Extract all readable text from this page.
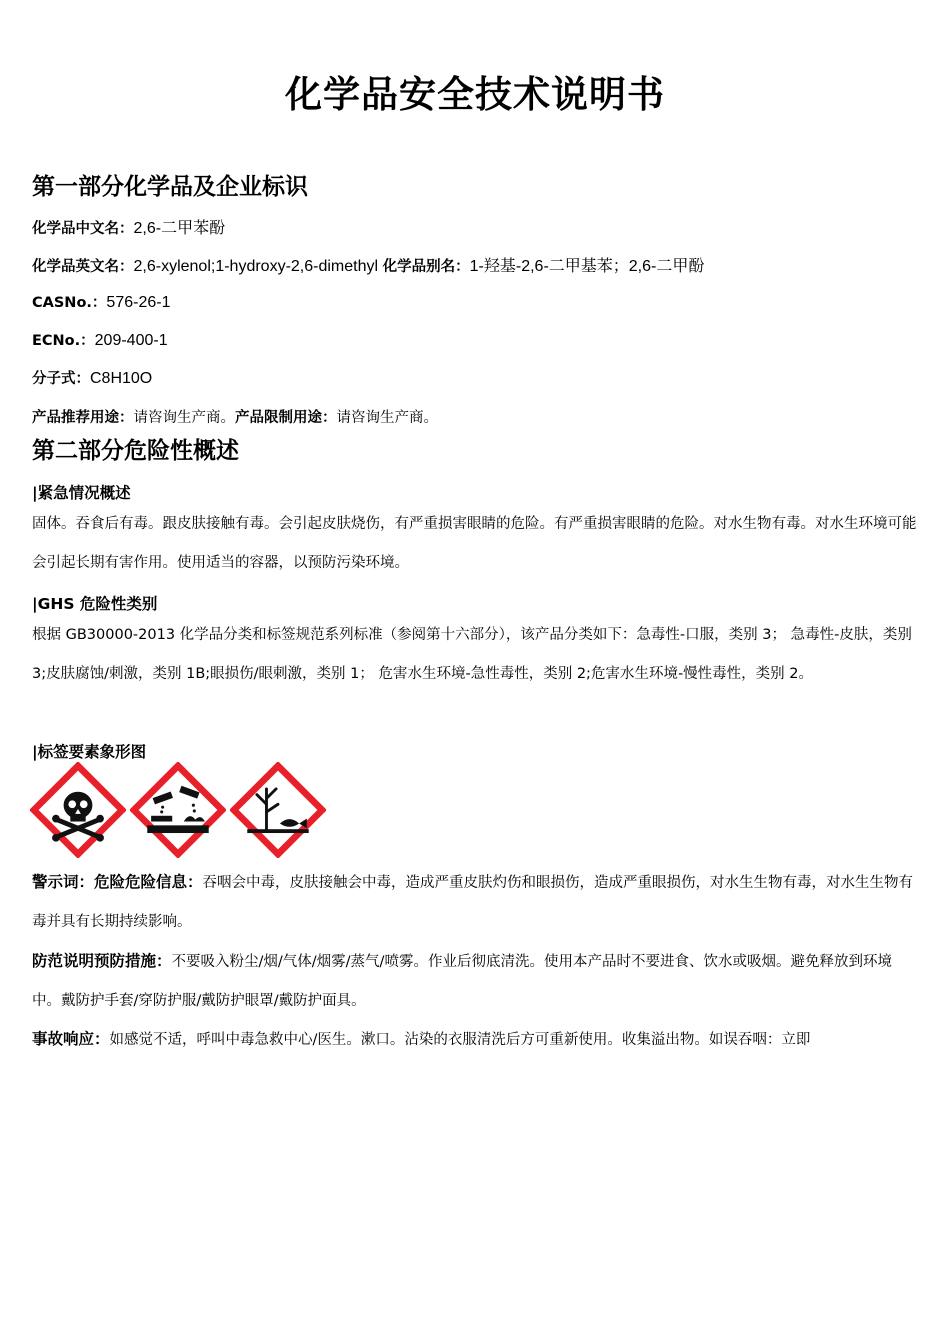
化学品安全技术说明书
第一部分化学品及企业标识
化学品中文名：2,6-二甲苯酚
化学品英文名：2,6-xylenol;1-hydroxy-2,6-dimethyl 化学品别名：1-羟基-2,6-二甲基苯；2,6-二甲酚
CASNo.：576-26-1
ECNo.：209-400-1
分子式：C8H10O
产品推荐用途：请咨询生产商。产品限制用途：请咨询生产商。
第二部分危险性概述
|紧急情况概述
固体。吞食后有毒。跟皮肤接触有毒。会引起皮肤烧伤，有严重损害眼睛的危险。有严重损害眼睛的危险。对水生物有毒。对水生环境可能会引起长期有害作用。使用适当的容器，以预防污染环境。
|GHS 危险性类别
根据 GB30000-2013 化学品分类和标签规范系列标准（参阅第十六部分），该产品分类如下：急毒性-口服，类别 3； 急毒性-皮肤，类别 3;皮肤腐蚀/刺激，类别 1B;眼损伤/眼刺激，类别 1； 危害水生环境-急性毒性，类别 2;危害水生环境-慢性毒性，类别 2。
|标签要素象形图
警示词：危险危险信息：吞咽会中毒，皮肤接触会中毒，造成严重皮肤灼伤和眼损伤，造成严重眼损伤，对水生生物有毒，对水生生物有毒并具有长期持续影响。
防范说明预防措施：不要吸入粉尘/烟/气体/烟雾/蒸气/喷雾。作业后彻底清洗。使用本产品时不要进食、饮水或吸烟。避免释放到环境中。戴防护手套/穿防护服/戴防护眼罩/戴防护面具。
事故响应：如感觉不适，呼叫中毒急救中心/医生。漱口。沾染的衣服清洗后方可重新使用。收集溢出物。如误吞咽：立即
